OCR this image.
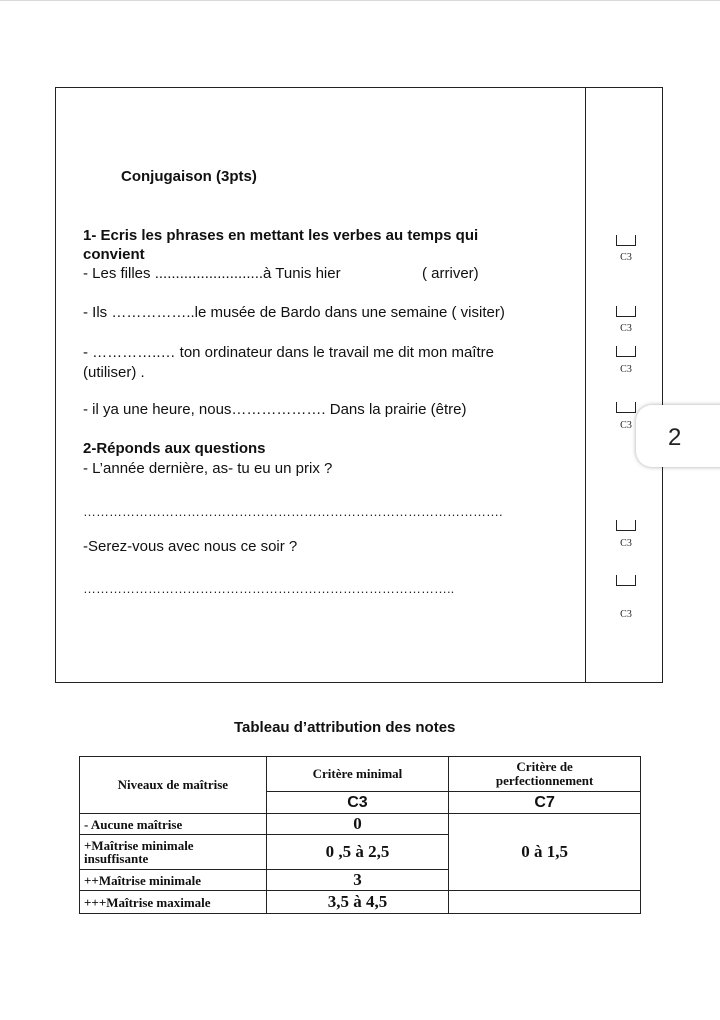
Conjugaison (3pts)
1- Ecris les phrases en mettant les verbes au temps qui
convient
- Les filles ..........................à Tunis hier	( arriver)
- Ils ……………..le musée de Bardo dans une semaine ( visiter)
- …………..… ton ordinateur dans le travail me dit mon maître
(utiliser) .
- il ya une heure, nous………………. Dans la prairie (être)
2-Réponds aux questions
- L’année dernière, as- tu eu un prix ?
…………………………………………………………………………………….
-Serez-vous avec nous ce soir ?
…………………………………………………………………………..
C3
C3
C3
C3
C3
C3
2
Tableau d’attribution des notes
Niveaux de maîtrise	Critère minimal	Critère de
perfectionnement

	C3	C7
- Aucune maîtrise	0	0 à 1,5

+Maîtrise minimale
insuffisante	0 ,5 à 2,5	
++Maîtrise minimale	3	
+++Maîtrise maximale	3,5 à 4,5	
